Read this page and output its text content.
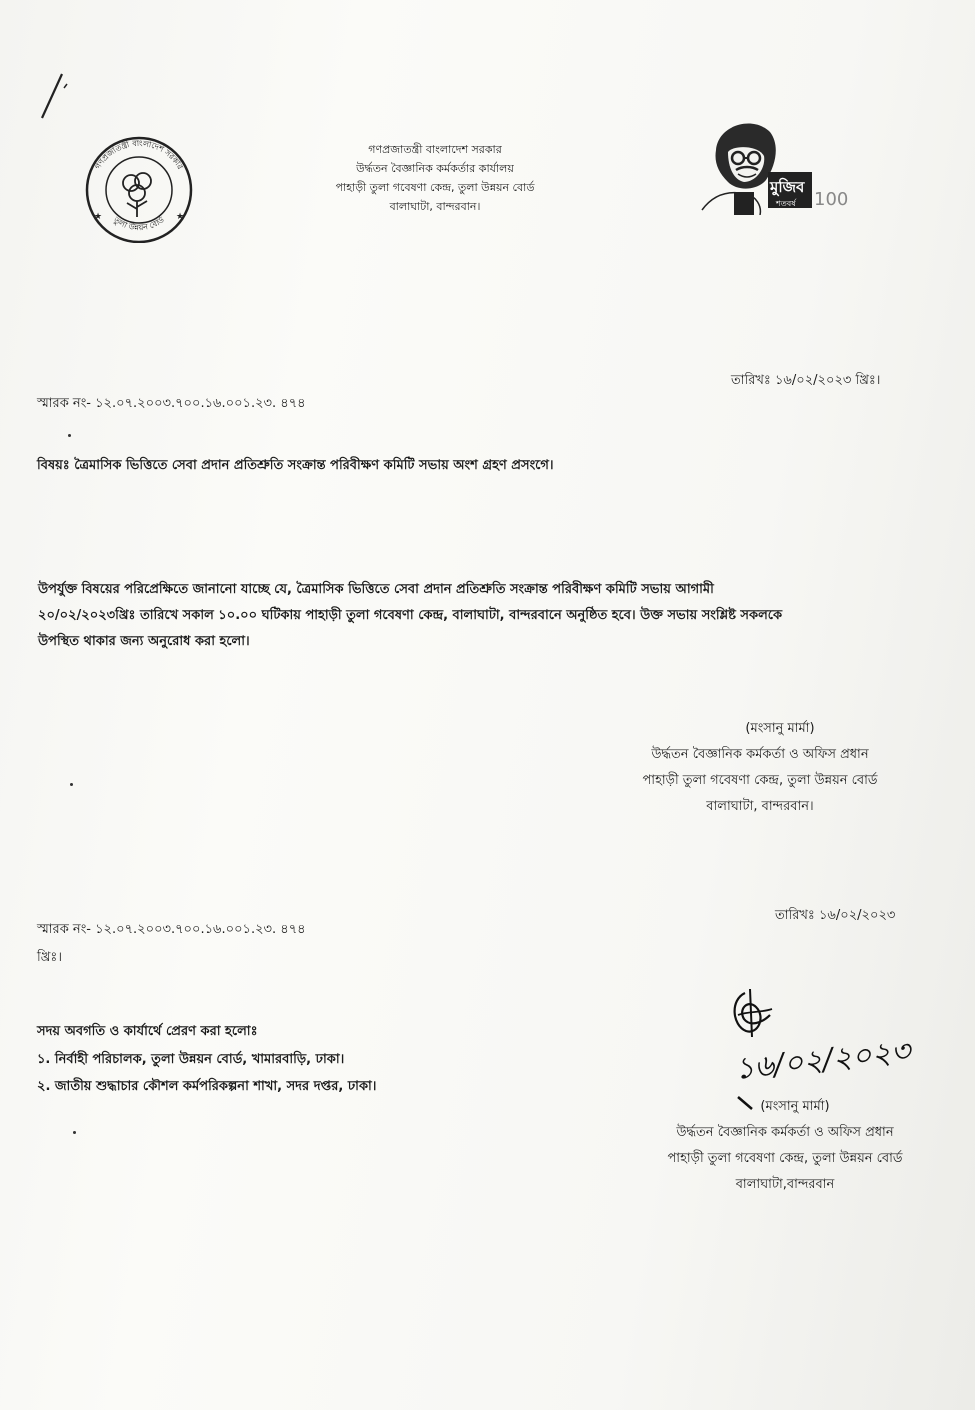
গণপ্রজাতন্ত্রী বাংলাদেশ সরকার
তুলা উন্নয়ন বোর্ড
★	★
গণপ্রজাতন্ত্রী বাংলাদেশ সরকার
উর্দ্ধতন বৈজ্ঞানিক কর্মকর্তার কার্যালয়
পাহাড়ী তুলা গবেষণা কেন্দ্র, তুলা উন্নয়ন বোর্ড
বালাঘাটা, বান্দরবান।
মুজিব
শতবর্ষ 100
স্মারক নং- ১২.০৭.২০০৩.৭০০.১৬.০০১.২৩. ৪৭৪
তারিখঃ ১৬/০২/২০২৩ খ্রিঃ।
বিষয়ঃ ত্রৈমাসিক ভিত্তিতে সেবা প্রদান প্রতিশ্রুতি সংক্রান্ত পরিবীক্ষণ কমিটি সভায় অংশ গ্রহণ প্রসংগে।
উপর্যুক্ত বিষয়ের পরিপ্রেক্ষিতে জানানো যাচ্ছে যে, ত্রৈমাসিক ভিত্তিতে সেবা প্রদান প্রতিশ্রুতি সংক্রান্ত পরিবীক্ষণ কমিটি সভায় আগামী
২০/০২/২০২৩খ্রিঃ তারিখে সকাল ১০.০০ ঘটিকায় পাহাড়ী তুলা গবেষণা কেন্দ্র, বালাঘাটা, বান্দরবানে অনুষ্ঠিত হবে। উক্ত সভায় সংশ্লিষ্ট সকলকে
উপস্থিত থাকার জন্য অনুরোধ করা হলো।
(মংসানু মার্মা)
উর্দ্ধতন বৈজ্ঞানিক কর্মকর্তা ও অফিস প্রধান
পাহাড়ী তুলা গবেষণা কেন্দ্র, তুলা উন্নয়ন বোর্ড
বালাঘাটা, বান্দরবান।
স্মারক নং- ১২.০৭.২০০৩.৭০০.১৬.০০১.২৩. ৪৭৪
খ্রিঃ।
তারিখঃ ১৬/০২/২০২৩
সদয় অবগতি ও কার্যার্থে প্রেরণ করা হলোঃ
১. নির্বাহী পরিচালক, তুলা উন্নয়ন বোর্ড, খামারবাড়ি, ঢাকা।
২. জাতীয় শুদ্ধাচার কৌশল কর্মপরিকল্পনা শাখা, সদর দপ্তর, ঢাকা।	১৬/০২/২০২৩
(মংসানু মার্মা)
উর্দ্ধতন বৈজ্ঞানিক কর্মকর্তা ও অফিস প্রধান
পাহাড়ী তুলা গবেষণা কেন্দ্র, তুলা উন্নয়ন বোর্ড
বালাঘাটা,বান্দরবান
